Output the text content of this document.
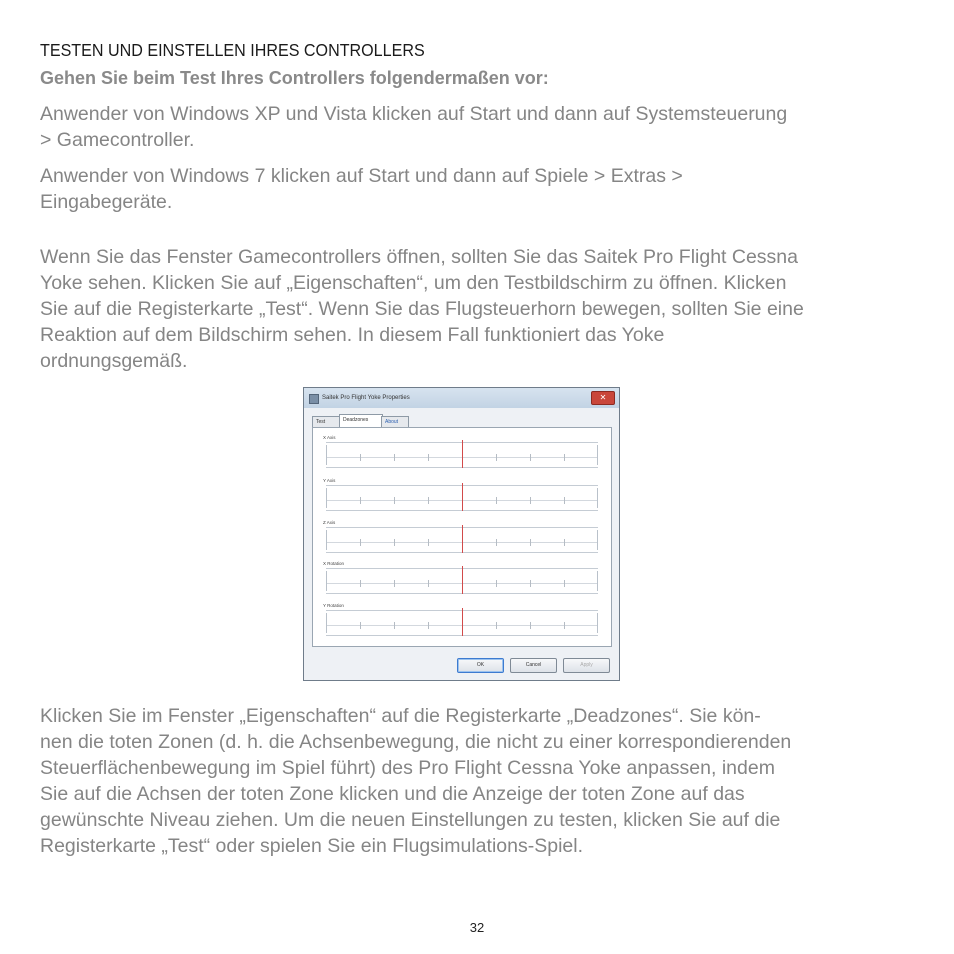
TESTEN UND EINSTELLEN IHRES CONTROLLERS
Gehen Sie beim Test Ihres Controllers folgendermaßen vor:
Anwender von Windows XP und Vista klicken auf Start und dann auf Systemsteuerung
> Gamecontroller.
Anwender von Windows 7 klicken auf Start und dann auf Spiele > Extras >
Eingabegeräte.
Wenn Sie das Fenster Gamecontrollers öffnen, sollten Sie das Saitek Pro Flight Cessna
Yoke sehen. Klicken Sie auf „Eigenschaften“, um den Testbildschirm zu öffnen. Klicken
Sie auf die Registerkarte „Test“. Wenn Sie das Flugsteuerhorn bewegen, sollten Sie eine
Reaktion auf dem Bildschirm sehen. In diesem Fall funktioniert das Yoke
ordnungsgemäß.
Saitek Pro Flight Yoke Properties	✕
Test	Deadzones	About
X Axis
Y Axis
Z Axis
X Rotation
Y Rotation
OK	Cancel	Apply
Klicken Sie im Fenster „Eigenschaften“ auf die Registerkarte „Deadzones“. Sie kön-
nen die toten Zonen (d. h. die Achsenbewegung, die nicht zu einer korrespondierenden
Steuerflächenbewegung im Spiel führt) des Pro Flight Cessna Yoke anpassen, indem
Sie auf die Achsen der toten Zone klicken und die Anzeige der toten Zone auf das
gewünschte Niveau ziehen. Um die neuen Einstellungen zu testen, klicken Sie auf die
Registerkarte „Test“ oder spielen Sie ein Flugsimulations-Spiel.
32
